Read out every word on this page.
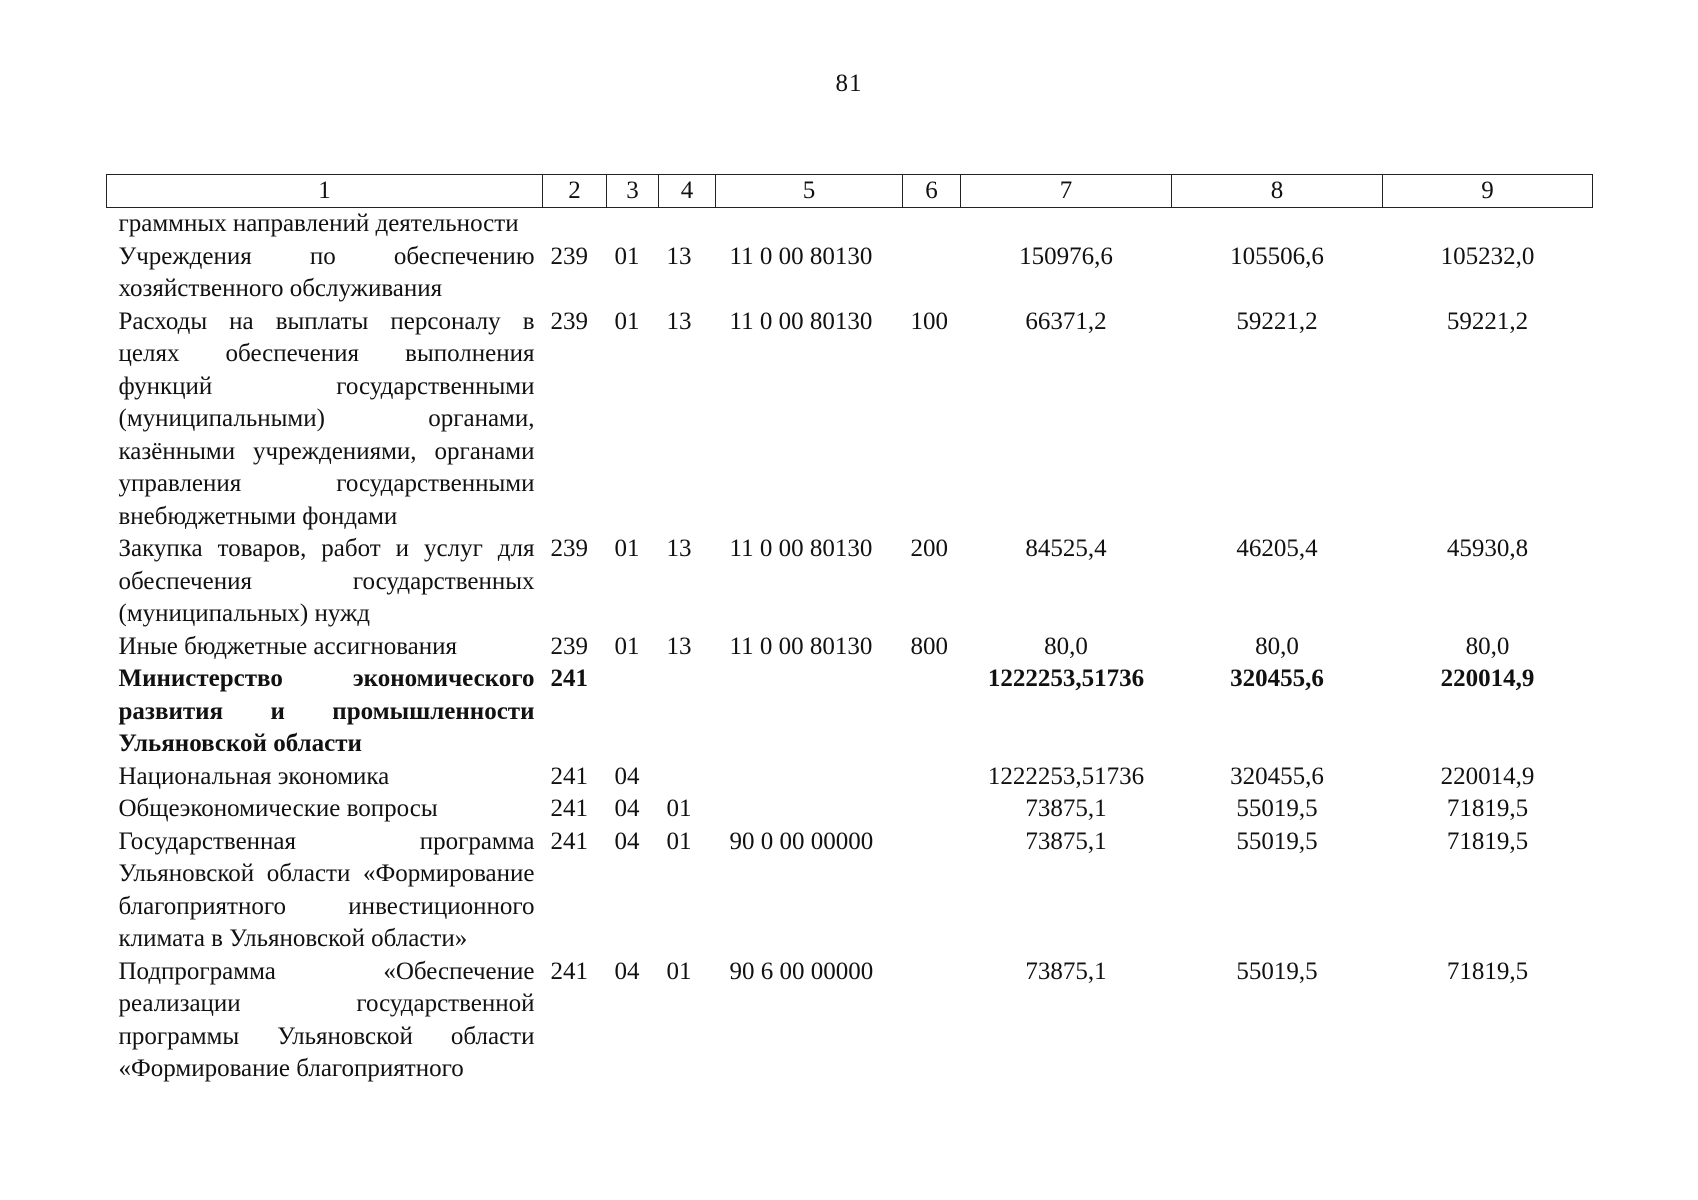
81
1	2	3	4	5	6	7	8	9
граммных направлений деятельности								
Учреждения по обеспечению хозяйственного обслуживания	239	01	13	11 0 00 80130		150976,6	105506,6	105232,0
Расходы на выплаты персоналу в целях обеспечения выполнения функций государственными (муниципальными) органами, казёнными учреждениями, органами управления государственными внебюджетными фондами	239	01	13	11 0 00 80130	100	66371,2	59221,2	59221,2
Закупка товаров, работ и услуг для обеспечения государственных (муниципальных) нужд	239	01	13	11 0 00 80130	200	84525,4	46205,4	45930,8
Иные бюджетные ассигнования	239	01	13	11 0 00 80130	800	80,0	80,0	80,0
Министерство экономического развития и промышленности Ульяновской области	241					1222253,51736	320455,6	220014,9
Национальная экономика	241	04				1222253,51736	320455,6	220014,9
Общеэкономические вопросы	241	04	01			73875,1	55019,5	71819,5
Государственная программа Ульяновской области «Формирование благоприятного инвестиционного климата в Ульяновской области»	241	04	01	90 0 00 00000		73875,1	55019,5	71819,5
Подпрограмма «Обеспечение реализации государственной программы Ульяновской области «Формирование благоприятного	241	04	01	90 6 00 00000		73875,1	55019,5	71819,5
